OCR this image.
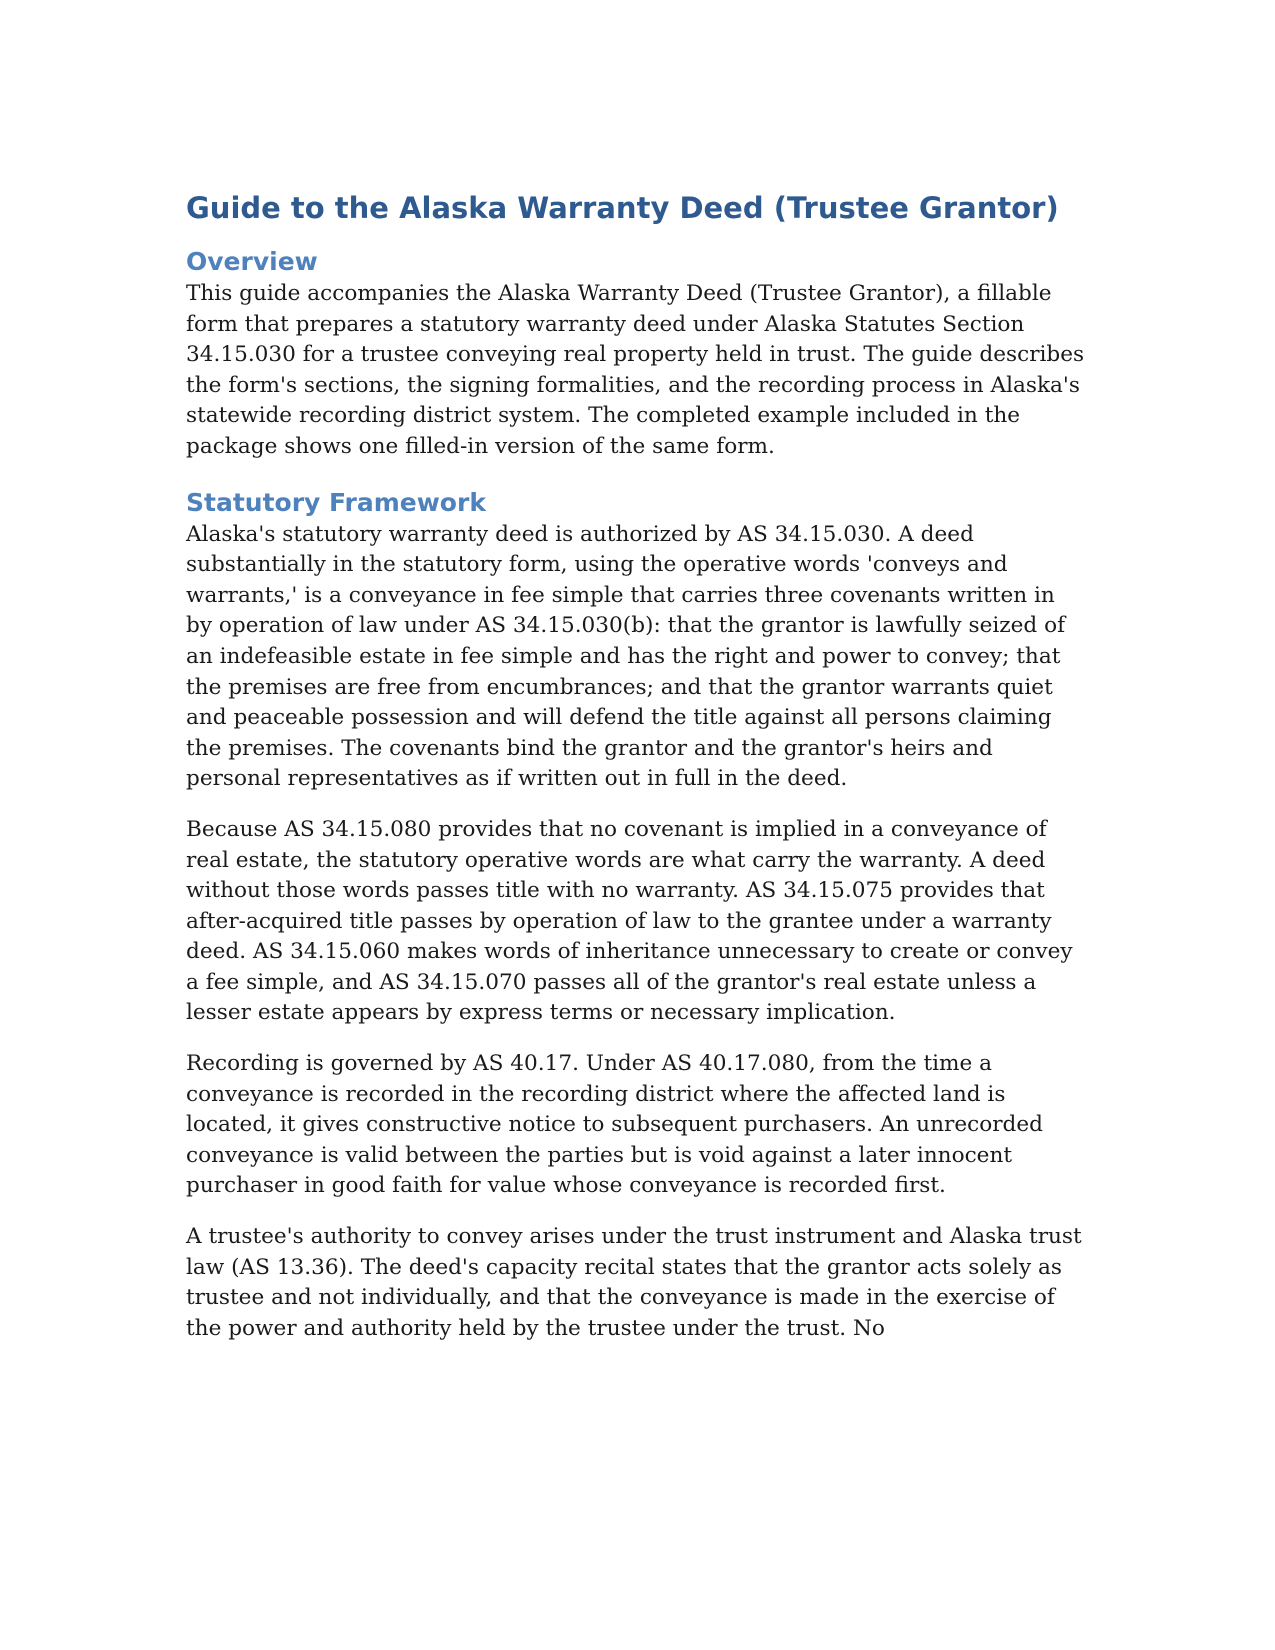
Guide to the Alaska Warranty Deed (Trustee Grantor)
Overview

This guide accompanies the Alaska Warranty Deed (Trustee Grantor), a fillable form that prepares a statutory warranty deed under Alaska Statutes Section 34.15.030 for a trustee conveying real property held in trust. The guide describes the form's sections, the signing formalities, and the recording process in Alaska's statewide recording district system. The completed example included in the package shows one filled-in version of the same form.

Statutory Framework

Alaska's statutory warranty deed is authorized by AS 34.15.030. A deed substantially in the statutory form, using the operative words 'conveys and warrants,' is a conveyance in fee simple that carries three covenants written in by operation of law under AS 34.15.030(b): that the grantor is lawfully seized of an indefeasible estate in fee simple and has the right and power to convey; that the premises are free from encumbrances; and that the grantor warrants quiet and peaceable possession and will defend the title against all persons claiming the premises. The covenants bind the grantor and the grantor's heirs and personal representatives as if written out in full in the deed.

Because AS 34.15.080 provides that no covenant is implied in a conveyance of real estate, the statutory operative words are what carry the warranty. A deed without those words passes title with no warranty. AS 34.15.075 provides that after-acquired title passes by operation of law to the grantee under a warranty deed. AS 34.15.060 makes words of inheritance unnecessary to create or convey a fee simple, and AS 34.15.070 passes all of the grantor's real estate unless a lesser estate appears by express terms or necessary implication.

Recording is governed by AS 40.17. Under AS 40.17.080, from the time a conveyance is recorded in the recording district where the affected land is located, it gives constructive notice to subsequent purchasers. An unrecorded conveyance is valid between the parties but is void against a later innocent purchaser in good faith for value whose conveyance is recorded first.

A trustee's authority to convey arises under the trust instrument and Alaska trust law (AS 13.36). The deed's capacity recital states that the grantor acts solely as trustee and not individually, and that the conveyance is made in the exercise of the power and authority held by the trustee under the trust. No
